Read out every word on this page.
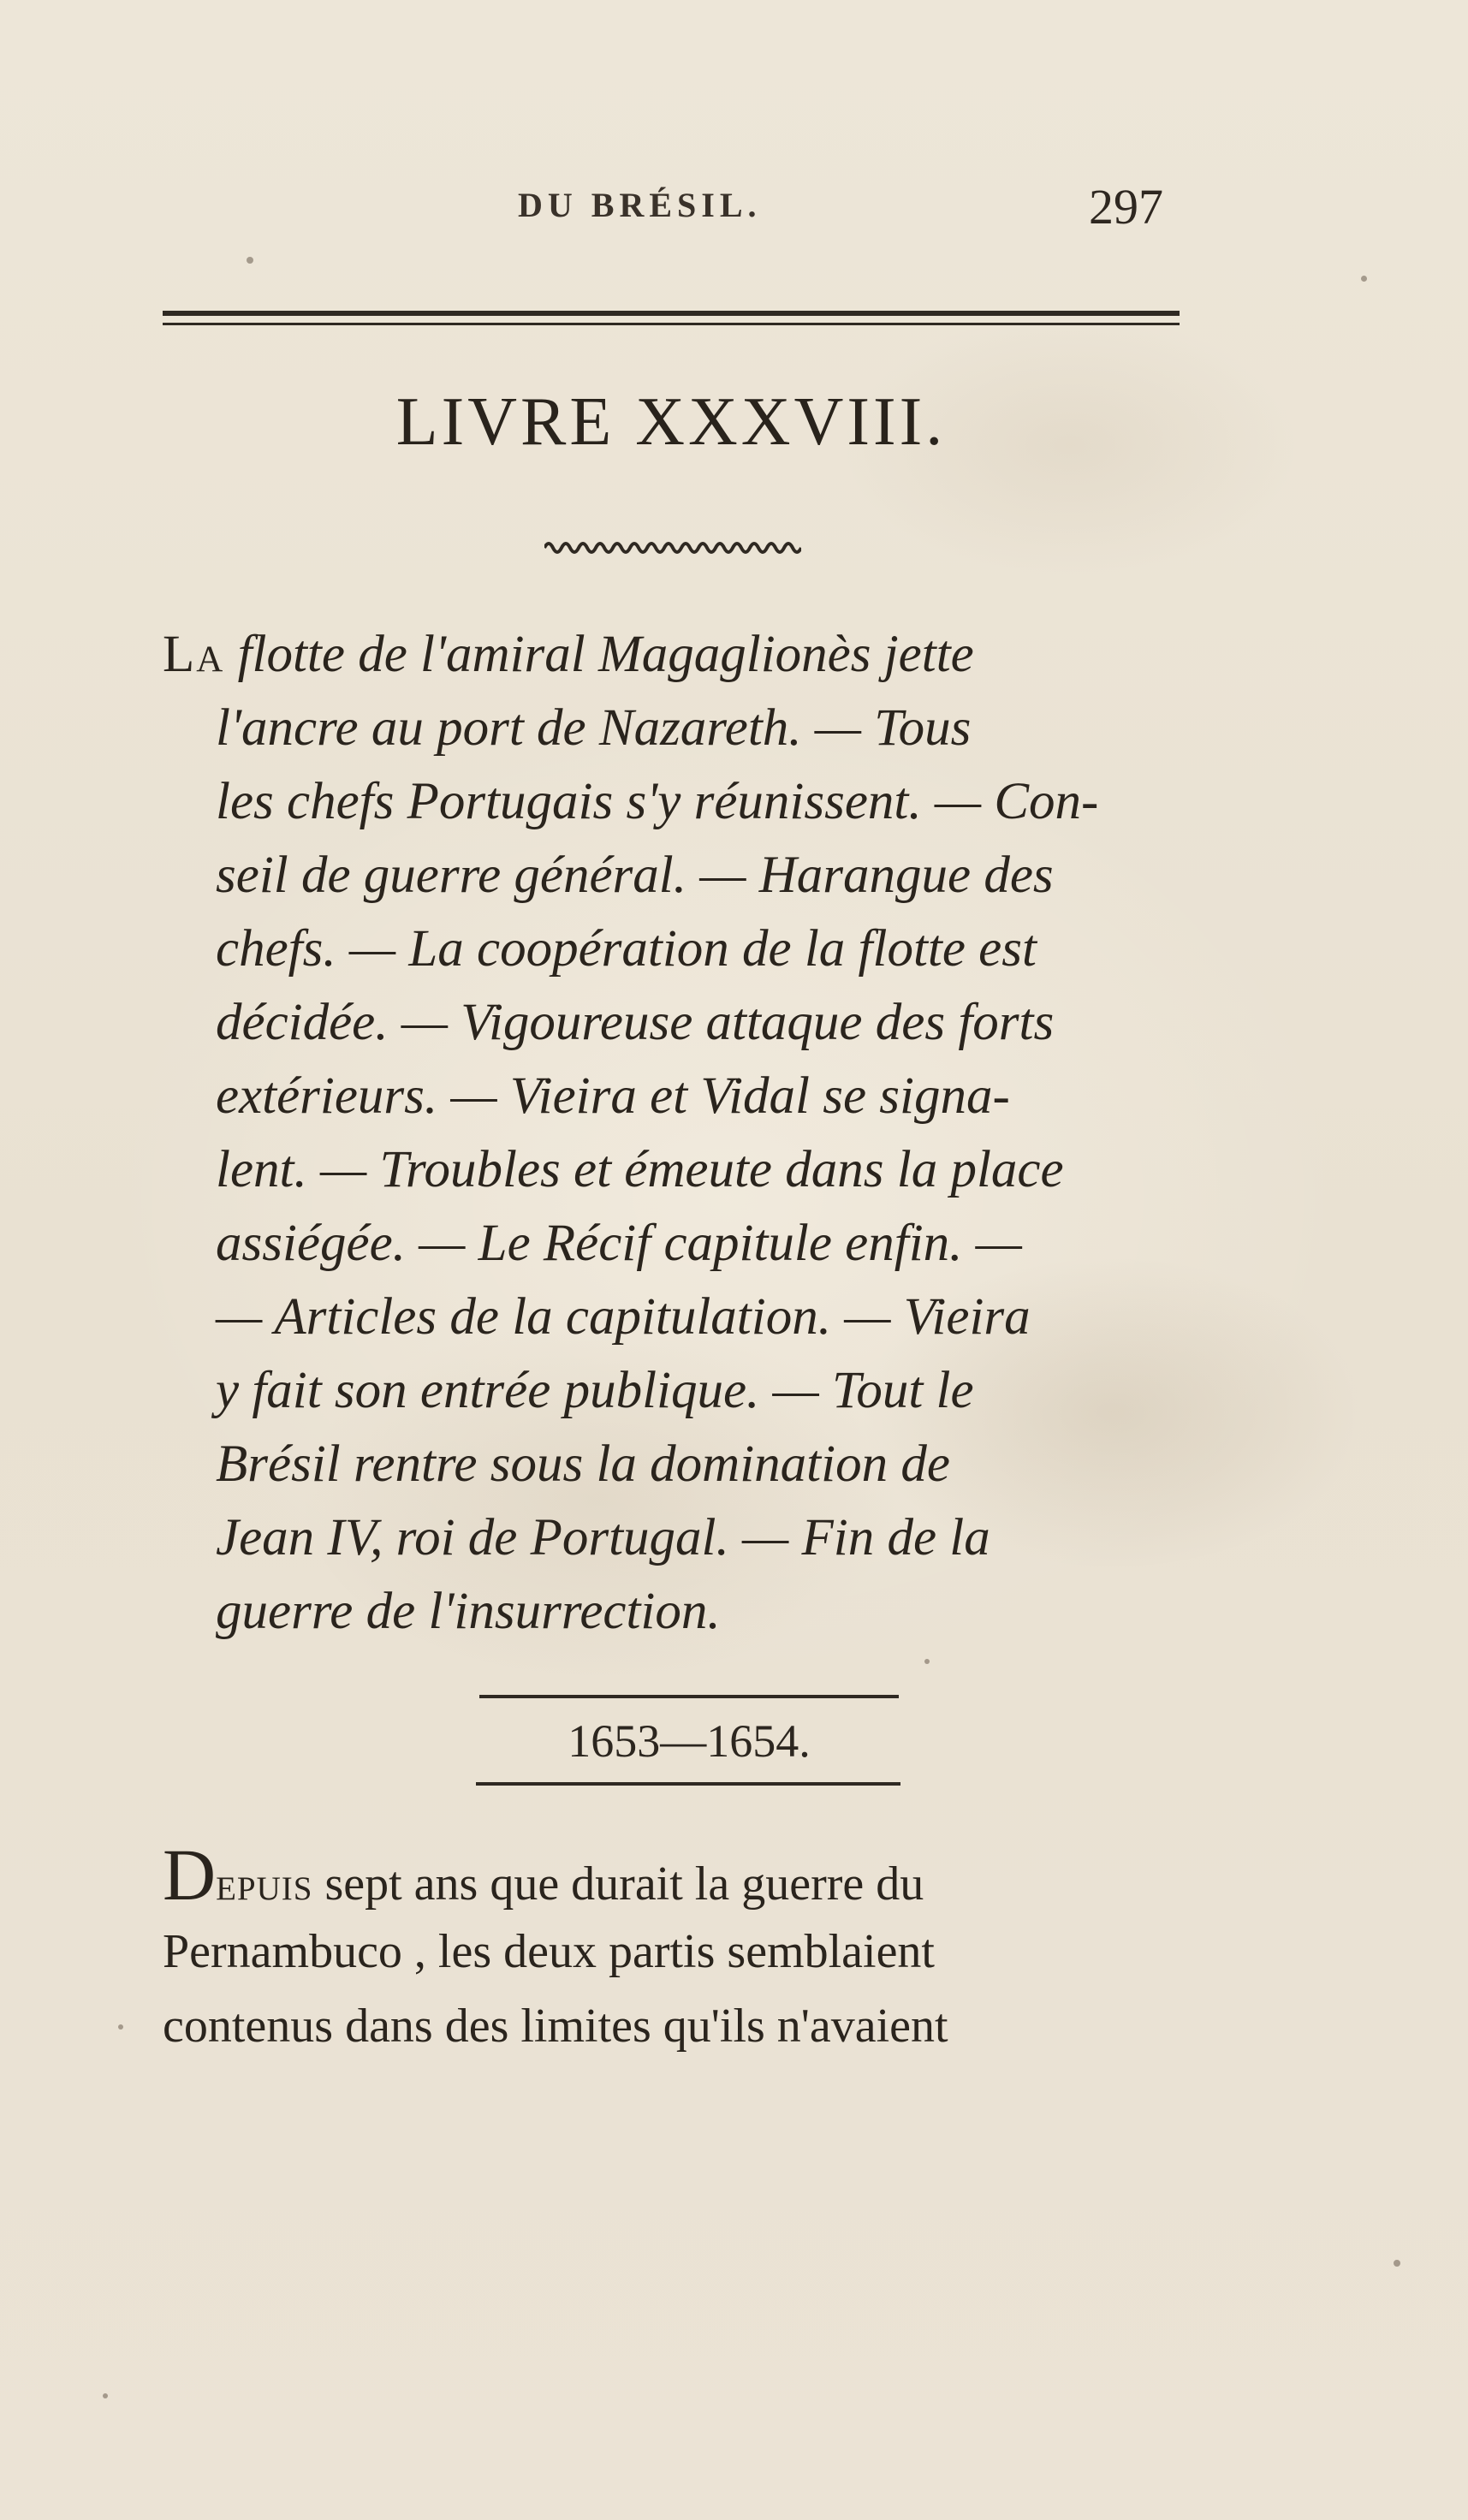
DU BRÉSIL.	297
LIVRE XXXVIII.
La flotte de l'amiral Magaglionès jette
l'ancre au port de Nazareth. — Tous
les chefs Portugais s'y réunissent. — Con-
seil de guerre général. — Harangue des
chefs. — La coopération de la flotte est
décidée. — Vigoureuse attaque des forts
extérieurs. — Vieira et Vidal se signa-
lent. — Troubles et émeute dans la place
assiégée. — Le Récif capitule enfin. —
— Articles de la capitulation. — Vieira
y fait son entrée publique. — Tout le
Brésil rentre sous la domination de
Jean IV, roi de Portugal. — Fin de la
guerre de l'insurrection.
1653—1654.
Depuis sept ans que durait la guerre du
Pernambuco , les deux partis semblaient
contenus dans des limites qu'ils n'avaient
